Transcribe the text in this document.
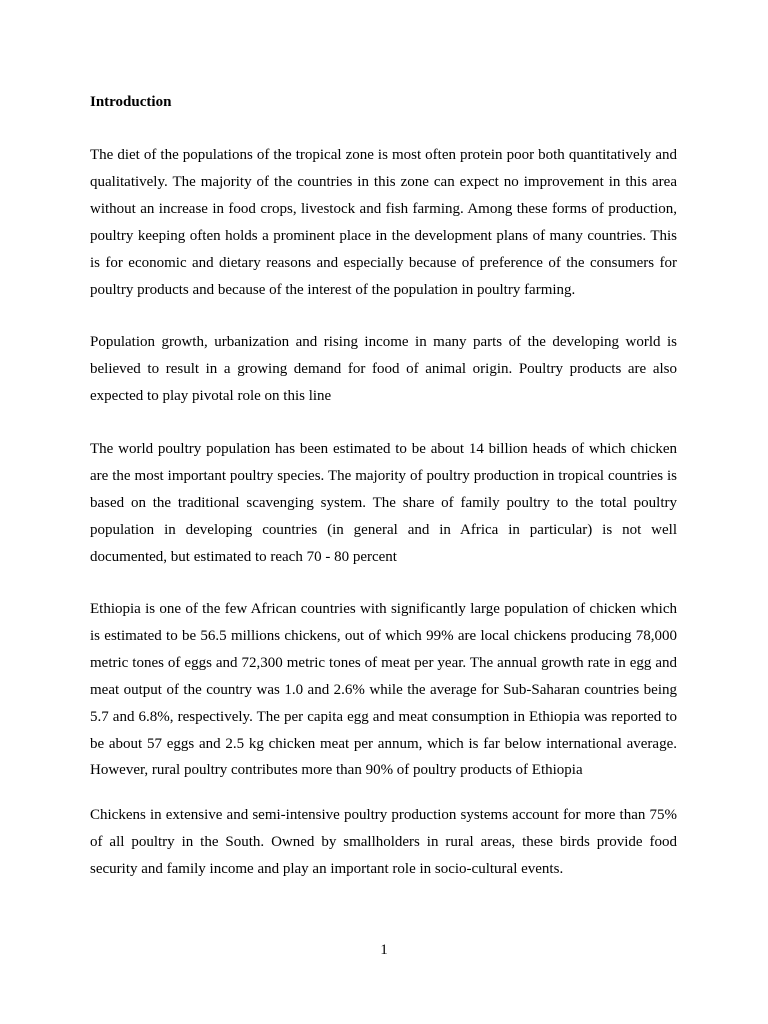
Introduction

The diet of the populations of the tropical zone is most often protein poor both quantitatively and qualitatively. The majority of the countries in this zone can expect no improvement in this area without an increase in food crops, livestock and fish farming. Among these forms of production, poultry keeping often holds a prominent place in the development plans of many countries. This is for economic and dietary reasons and especially because of preference of the consumers for poultry products and because of the interest of the population in poultry farming.

Population growth, urbanization and rising income in many parts of the developing world is believed to result in a growing demand for food of animal origin. Poultry products are also expected to play pivotal role on this line

The world poultry population has been estimated to be about 14 billion heads of which chicken are the most important poultry species. The majority of poultry production in tropical countries is based on the traditional scavenging system. The share of family poultry to the total poultry population in developing countries (in general and in Africa in particular) is not well documented, but estimated to reach 70 - 80 percent

Ethiopia is one of the few African countries with significantly large population of chicken which is estimated to be 56.5 millions chickens, out of which 99% are local chickens producing 78,000 metric tones of eggs and 72,300 metric tones of meat per year. The annual growth rate in egg and meat output of the country was 1.0 and 2.6% while the average for Sub-Saharan countries being 5.7 and 6.8%, respectively. The per capita egg and meat consumption in Ethiopia was reported to be about 57 eggs and 2.5 kg chicken meat per annum, which is far below international average. However, rural poultry contributes more than 90% of poultry products of Ethiopia

Chickens in extensive and semi-intensive poultry production systems account for more than 75% of all poultry in the South. Owned by smallholders in rural areas, these birds provide food security and family income and play an important role in socio-cultural events.

1
